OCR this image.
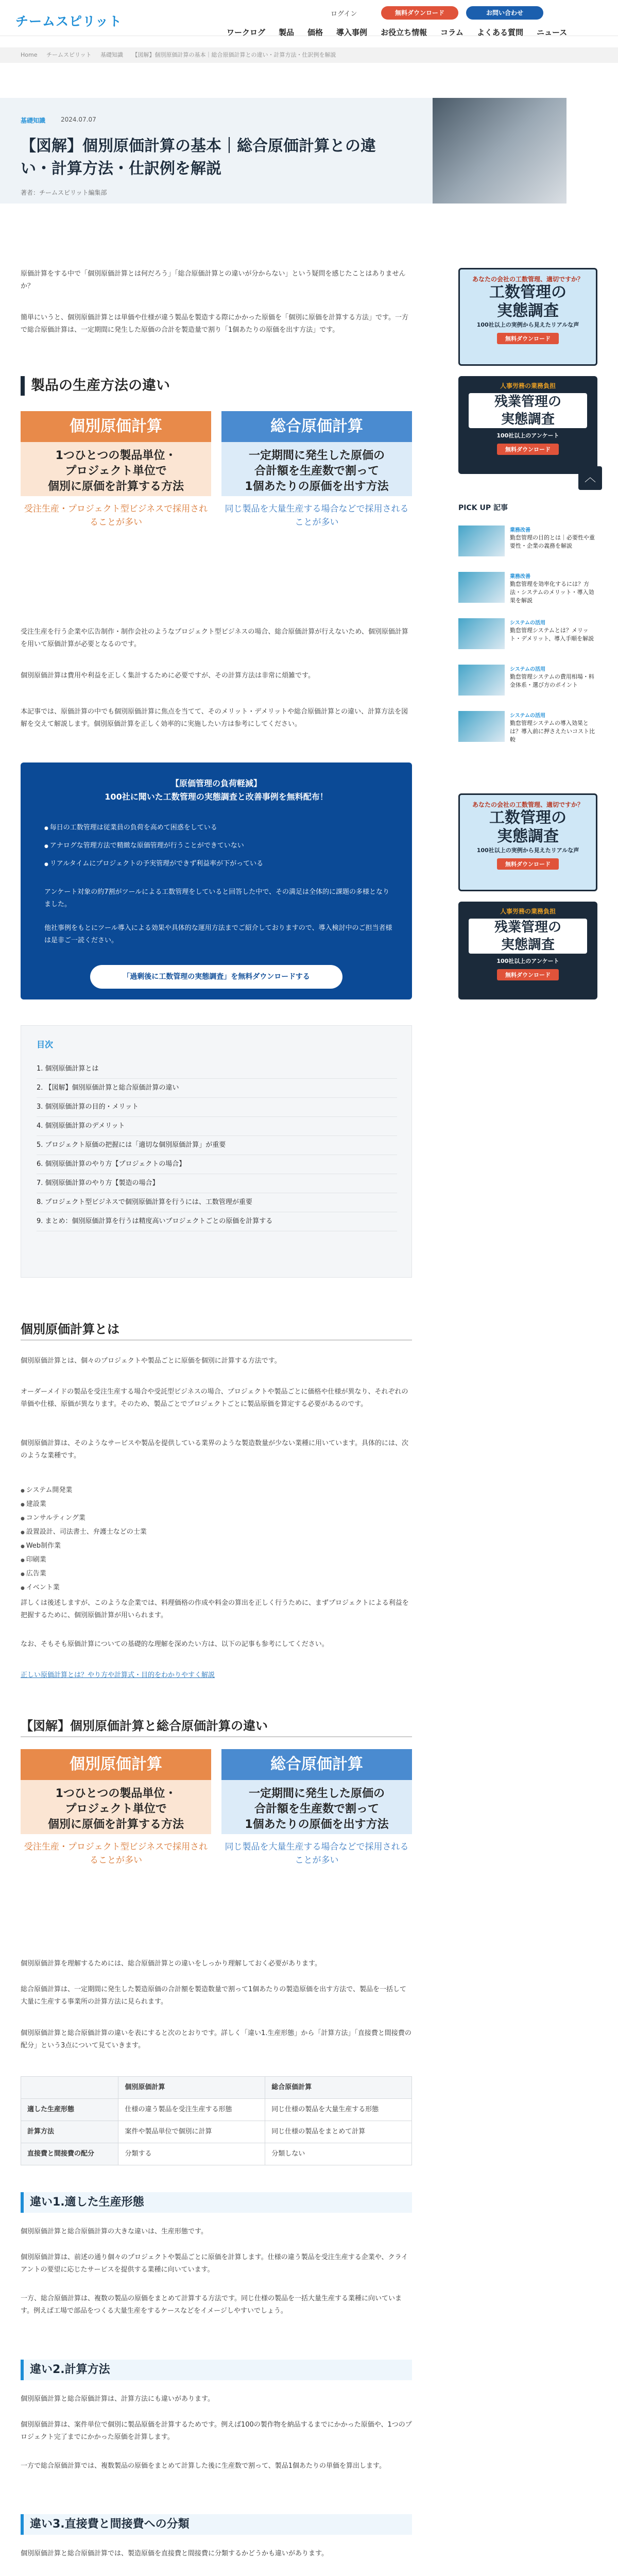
チームスピリット	ログイン	無料ダウンロード	お問い合わせ
ワークログ 製品 価格 導入事例 お役立ち情報 コラム よくある質問 ニュース
Home チームスピリット 基礎知識 【図解】個別原価計算の基本｜総合原価計算との違い・計算方法・仕訳例を解説
基礎知識 2024.07.07
【図解】個別原価計算の基本｜総合原価計算との違い・計算方法・仕訳例を解説
著者：チームスピリット編集部
原価計算をする中で「個別原価計算とは何だろう」「総合原価計算との違いが分からない」という疑問を感じたことはありませんか？
簡単にいうと、個別原価計算とは単価や仕様が違う製品を製造する際にかかった原価を「個別に原価を計算する方法」です。一方で総合原価計算は、一定期間に発生した原価の合計を製造量で割り「1個あたりの原価を出す方法」です。
製品の生産方法の違い
個別原価計算
1つひとつの製品単位・
プロジェクト単位で
個別に原価を計算する方法
受注生産・プロジェクト型ビジネスで採用されることが多い
総合原価計算
一定期間に発生した原価の
合計額を生産数で割って
1個あたりの原価を出す方法
同じ製品を大量生産する場合などで採用されることが多い
受注生産を行う企業や広告制作・制作会社のようなプロジェクト型ビジネスの場合、総合原価計算が行えないため、個別原価計算を用いて原価計算が必要となるのです。
個別原価計算は費用や利益を正しく集計するために必要ですが、その計算方法は非常に煩雑です。
本記事では、原価計算の中でも個別原価計算に焦点を当てて、そのメリット・デメリットや総合原価計算との違い、計算方法を図解を交えて解説します。個別原価計算を正しく効率的に実施したい方は参考にしてください。
【原価管理の負荷軽減】
100社に聞いた工数管理の実態調査と改善事例を無料配布！
● 毎日の工数管理は従業員の負荷を高めて困惑をしている
● アナログな管理方法で精緻な原価管理が行うことができていない
● リアルタイムにプロジェクトの予実管理ができず利益率が下がっている
アンケート対象の約7割がツールによる工数管理をしていると回答した中で、その満足は全体的に課題の多様となりました。
他社事例をもとにツール導入による効果や具体的な運用方法までご紹介しておりますので、導入検討中のご担当者様は是非ご一読ください。
「過剰後に工数管理の実態調査」を無料ダウンロードする
目次
1. 個別原価計算とは
2. 【図解】個別原価計算と総合原価計算の違い
3. 個別原価計算の目的・メリット
4. 個別原価計算のデメリット
5. プロジェクト原価の把握には「適切な個別原価計算」が重要
6. 個別原価計算のやり方【プロジェクトの場合】
7. 個別原価計算のやり方【製造の場合】
8. プロジェクト型ビジネスで個別原価計算を行うには、工数管理が重要
9. まとめ：個別原価計算を行うは精度高いプロジェクトごとの原価を計算する
個別原価計算とは
個別原価計算とは、個々のプロジェクトや製品ごとに原価を個別に計算する方法です。
オーダーメイドの製品を受注生産する場合や受託型ビジネスの場合、プロジェクトや製品ごとに価格や仕様が異なり、それぞれの単価や仕様、原価が異なります。そのため、製品ごとでプロジェクトごとに製品原価を算定する必要があるのです。
個別原価計算は、そのようなサービスや製品を提供している業界のような製造数量が少ない業種に用いています。具体的には、次のような業種です。
● システム開発業
● 建設業
● コンサルティング業
● 設置設計、司法書士、弁護士などの士業
● Web制作業
● 印刷業
● 広告業
● イベント業
詳しくは後述しますが、このような企業では、料理価格の作成や料金の算出を正しく行うために、まずプロジェクトによる利益を把握するために、個別原価計算が用いられます。
なお、そもそも原価計算についての基礎的な理解を深めたい方は、以下の記事も参考にしてください。
正しい原価計算とは？やり方や計算式・目的をわかりやすく解説
【図解】個別原価計算と総合原価計算の違い
個別原価計算
1つひとつの製品単位・
プロジェクト単位で
個別に原価を計算する方法
受注生産・プロジェクト型ビジネスで採用されることが多い
総合原価計算
一定期間に発生した原価の
合計額を生産数で割って
1個あたりの原価を出す方法
同じ製品を大量生産する場合などで採用されることが多い
個別原価計算を理解するためには、総合原価計算との違いをしっかり理解しておく必要があります。
総合原価計算は、一定期間に発生した製造原価の合計額を製造数量で割って1個あたりの製造原価を出す方法で、製品を一括して大量に生産する事業所の計算方法に見られます。
個別原価計算と総合原価計算の違いを表にすると次のとおりです。詳しく「違い1.生産形態」から「計算方法」「直接費と間接費の配分」という3点について見ていきます。
	個別原価計算	総合原価計算
適した生産形態	仕様の違う製品を受注生産する形態	同じ仕様の製品を大量生産する形態
計算方法	案件や製品単位で個別に計算	同じ仕様の製品をまとめて計算
直接費と間接費の配分	分類する	分類しない
違い1.適した生産形態
個別原価計算と総合原価計算の大きな違いは、生産形態です。
個別原価計算は、前述の通り個々のプロジェクトや製品ごとに原価を計算します。仕様の違う製品を受注生産する企業や、クライアントの要望に応じたサービスを提供する業種に向いています。
一方、総合原価計算は、複数の製品の原価をまとめて計算する方法です。同じ仕様の製品を一括大量生産する業種に向いています。例えば工場で部品をつくる大量生産をするケースなどをイメージしやすいでしょう。
違い2.計算方法
個別原価計算と総合原価計算は、計算方法にも違いがあります。
個別原価計算は、案件単位で個別に製品原価を計算するためです。例えば100の製作物を納品するまでにかかった原価や、1つのプロジェクト完了までにかかった原価を計算します。
一方で総合原価計算では、複数製品の原価をまとめて計算した後に生産数で割って、製品1個あたりの単価を算出します。
違い3.直接費と間接費への分類
個別原価計算と総合原価計算では、製造原価を直接費と間接費に分類するかどうかも違いがあります。

あなたの会社の工数管理、適切ですか？
工数管理の
実態調査
100社以上の実例から見えたリアルな声
無料ダウンロード
人事労務の業務負担
残業管理の
実態調査
100社以上のアンケート
無料ダウンロード
︿
PICK UP 記事
業務改善
勤怠管理の目的とは｜必要性や重要性・企業の義務を解説
業務改善
勤怠管理を効率化するには？方法・システムのメリット・導入効果を解説
システムの活用
勤怠管理システムとは？メリット・デメリット、導入手順を解説
システムの活用
勤怠管理システムの費用相場・料金体系・選び方のポイント
システムの活用
勤怠管理システムの導入効果とは？導入前に押さえたいコスト比較
あなたの会社の工数管理、適切ですか？
工数管理の
実態調査
100社以上の実例から見えたリアルな声
無料ダウンロード
人事労務の業務負担
残業管理の
実態調査
100社以上のアンケート
無料ダウンロード
